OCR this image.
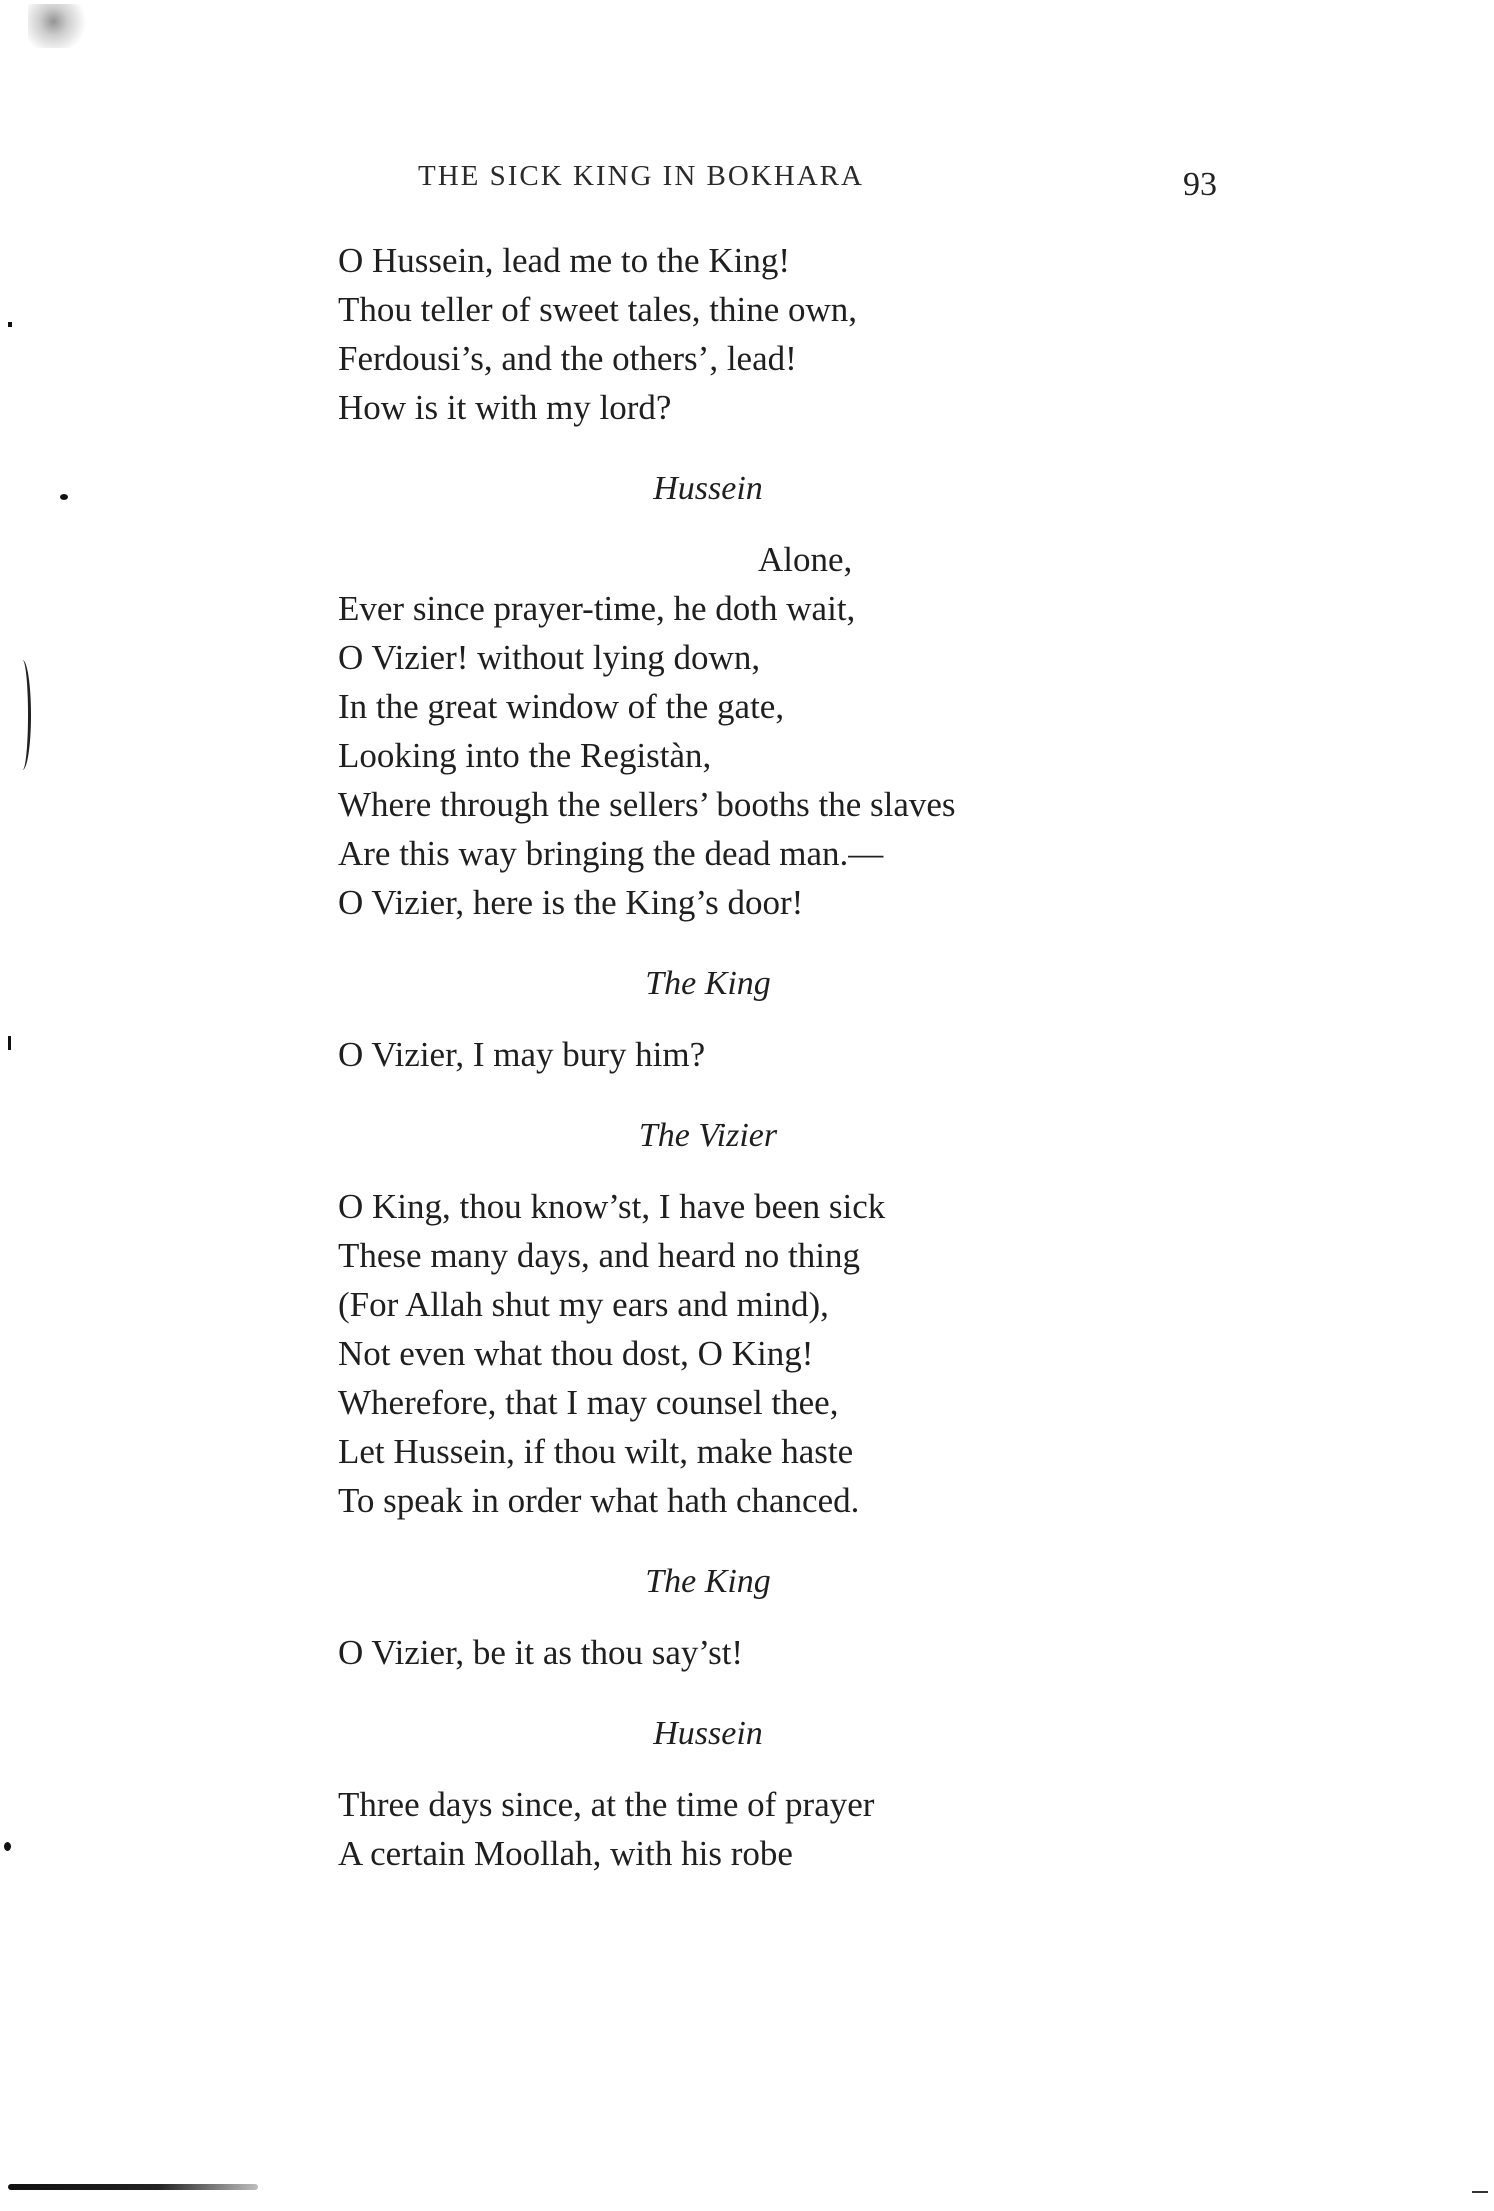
THE SICK KING IN BOKHARA	93
O Hussein, lead me to the King!
Thou teller of sweet tales, thine own,
Ferdousi’s, and the others’, lead!
How is it with my lord?
Hussein
Alone,
Ever since prayer-time, he doth wait,
O Vizier! without lying down,
In the great window of the gate,
Looking into the Registàn,
Where through the sellers’ booths the slaves
Are this way bringing the dead man.—
O Vizier, here is the King’s door!
The King
O Vizier, I may bury him?
The Vizier
O King, thou know’st, I have been sick
These many days, and heard no thing
(For Allah shut my ears and mind),
Not even what thou dost, O King!
Wherefore, that I may counsel thee,
Let Hussein, if thou wilt, make haste
To speak in order what hath chanced.
The King
O Vizier, be it as thou say’st!
Hussein
Three days since, at the time of prayer
A certain Moollah, with his robe
